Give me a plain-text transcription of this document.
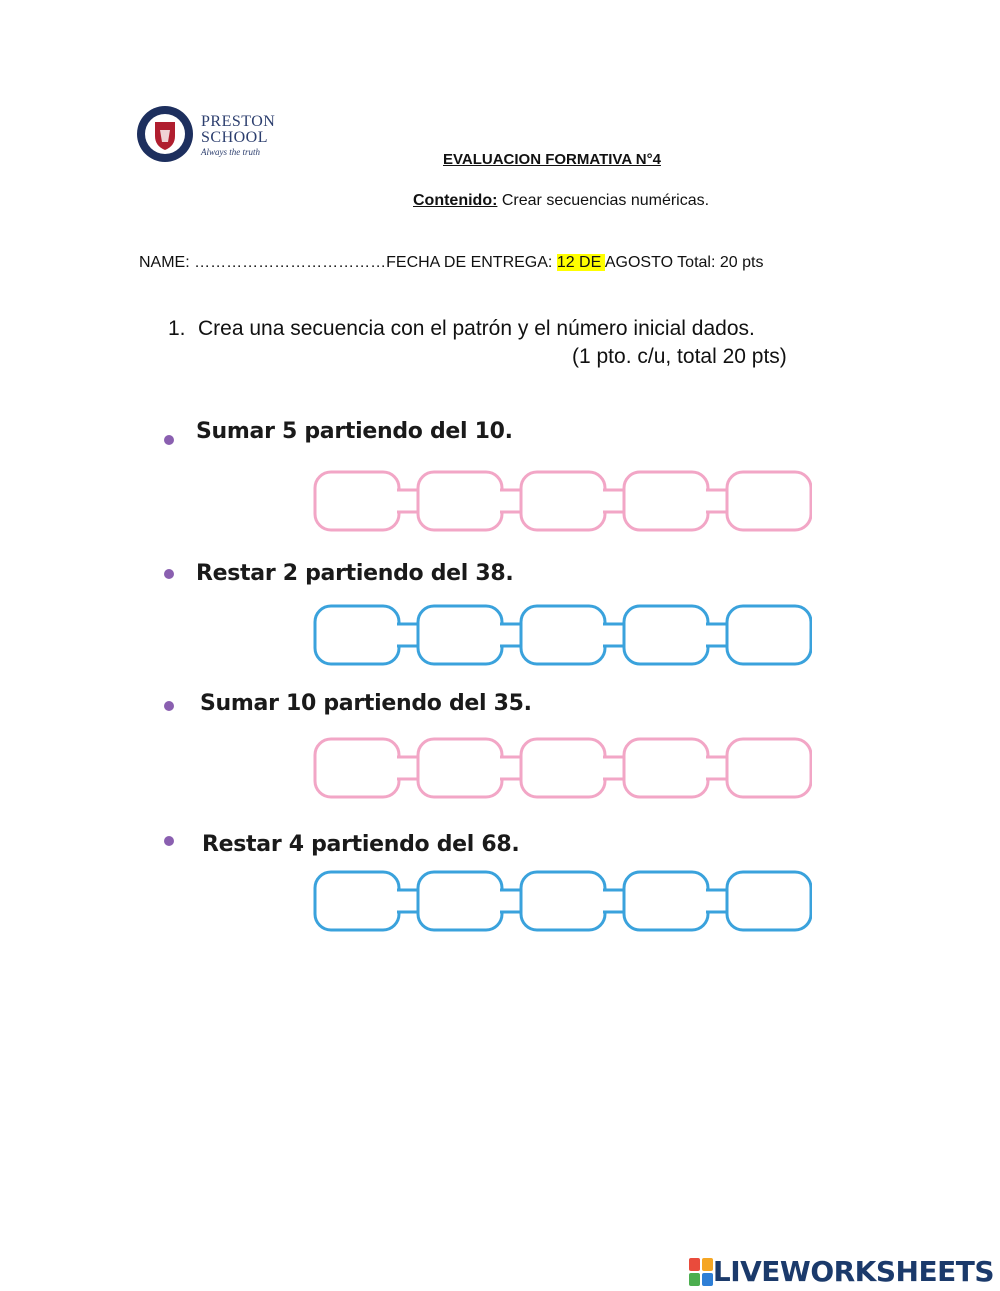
PRESTON
SCHOOL
Always the truth	EVALUACION FORMATIVA N°4
Contenido: Crear secuencias numéricas.
NAME: ………………………………FECHA DE ENTREGA: 12 DE AGOSTO Total: 20 pts
1. Crea una secuencia con el patrón y el número inicial dados.
(1 pto. c/u, total 20 pts)
Sumar 5 partiendo del 10.
Restar 2 partiendo del 38.
Sumar 10 partiendo del 35.
Restar 4 partiendo del 68.
LIVEWORKSHEETS
